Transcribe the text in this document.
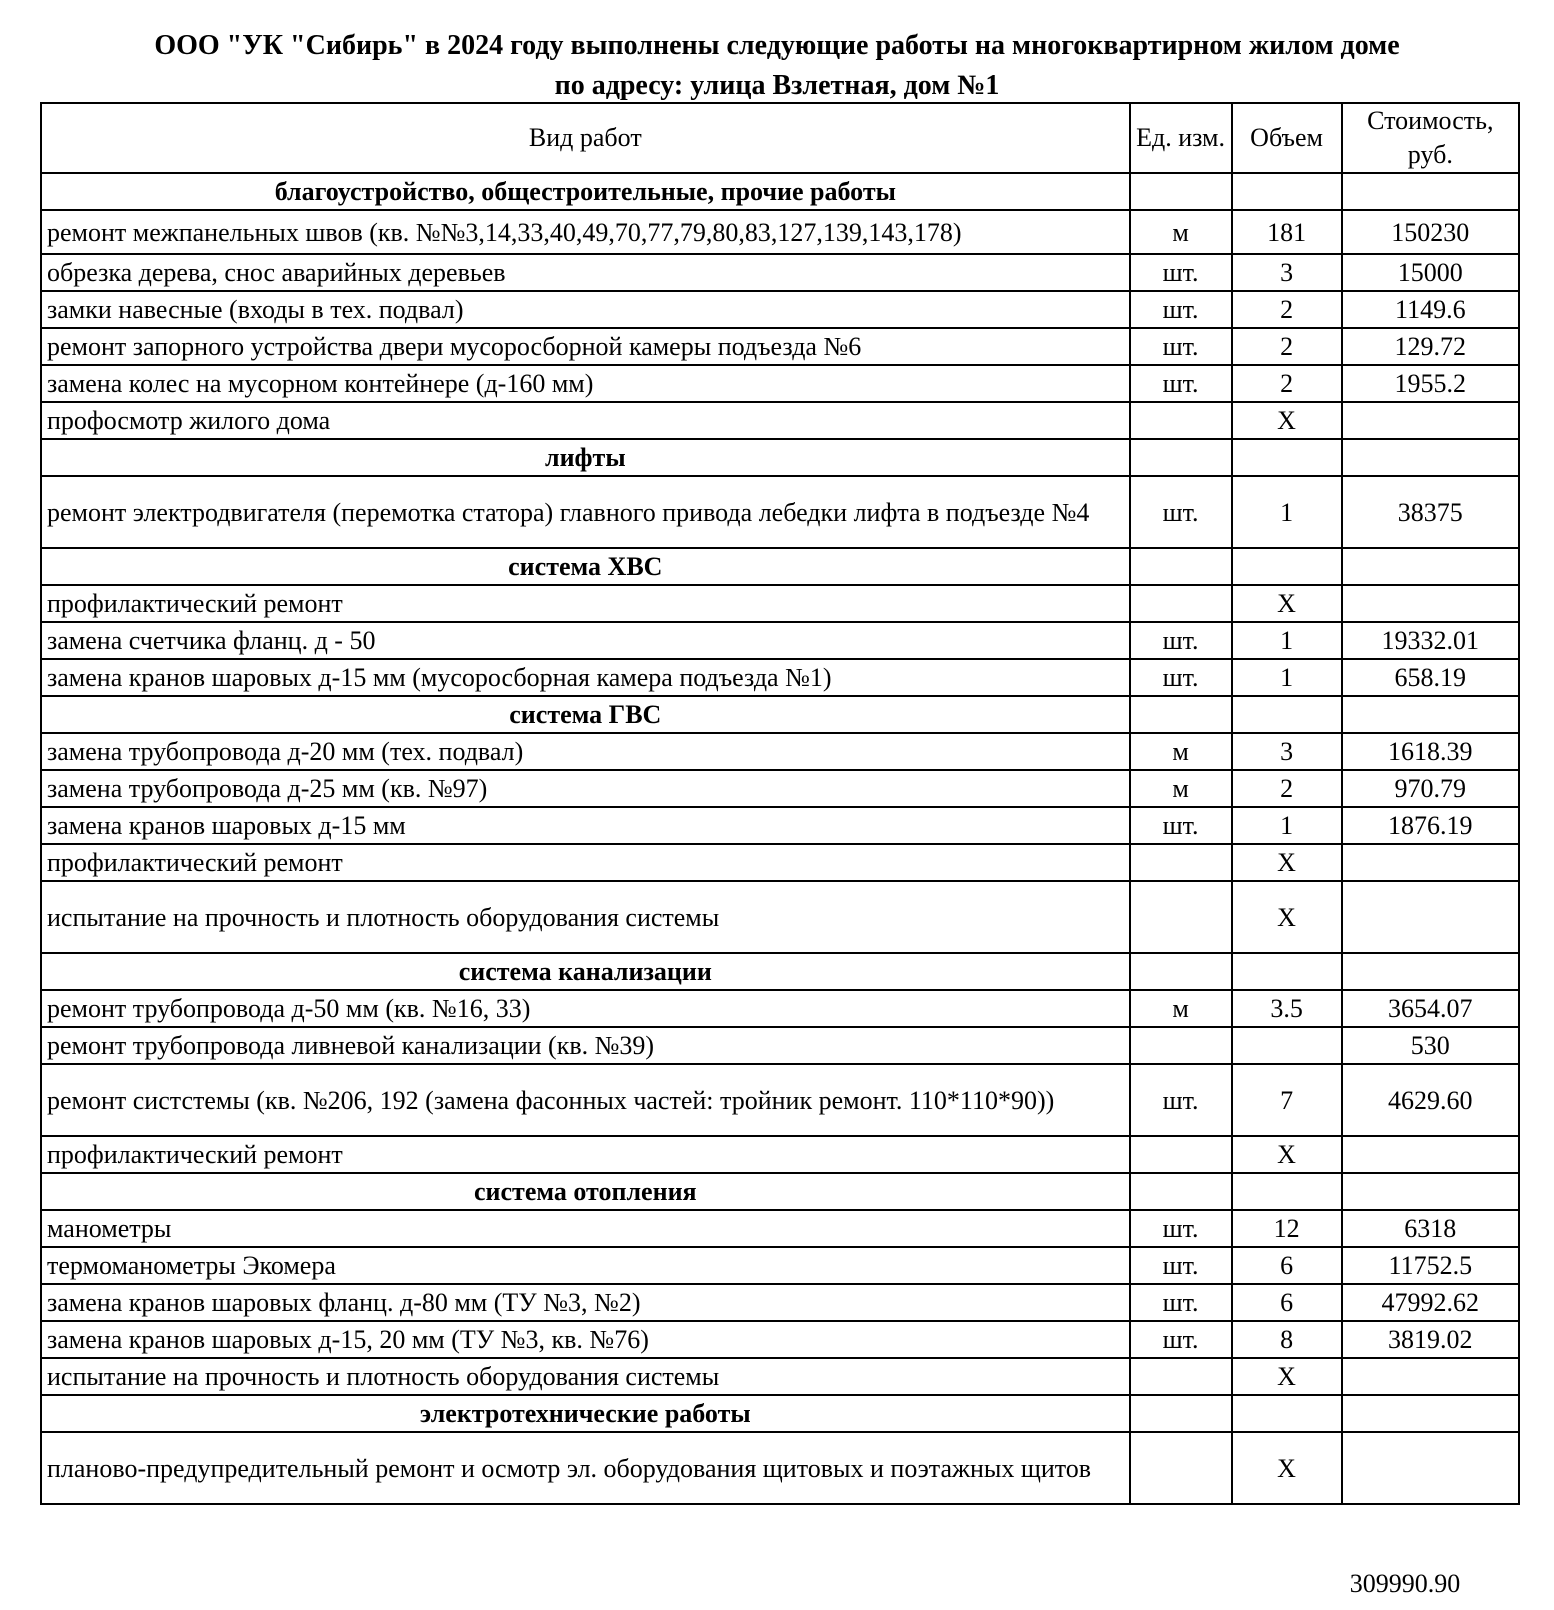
ООО "УК "Сибирь" в 2024 году выполнены следующие работы на многоквартирном жилом доме
по адресу: улица Взлетная, дом №1
Вид работ	Ед. изм.	Объем	Стоимость, руб.
благоустройство, общестроительные, прочие работы			
ремонт межпанельных швов (кв. №№3,14,33,40,49,70,77,79,80,83,127,139,143,178)	м	181	150230
обрезка дерева, снос аварийных деревьев	шт.	3	15000
замки навесные (входы в тех. подвал)	шт.	2	1149.6
ремонт запорного устройства двери мусоросборной камеры подъезда №6	шт.	2	129.72
замена колес на мусорном контейнере (д-160 мм)	шт.	2	1955.2
профосмотр жилого дома		X	
лифты			
ремонт электродвигателя (перемотка статора) главного привода лебедки лифта в подъезде №4	шт.	1	38375
система ХВС			
профилактический ремонт		X	
замена счетчика фланц. д - 50	шт.	1	19332.01
замена кранов шаровых д-15 мм (мусоросборная камера подъезда №1)	шт.	1	658.19
система ГВС			
замена трубопровода д-20 мм (тех. подвал)	м	3	1618.39
замена трубопровода д-25 мм (кв. №97)	м	2	970.79
замена кранов шаровых д-15 мм	шт.	1	1876.19
профилактический ремонт		X	
испытание на прочность и плотность оборудования системы		X	
система канализации			
ремонт трубопровода д-50 мм (кв. №16, 33)	м	3.5	3654.07
ремонт трубопровода ливневой канализации (кв. №39)			530
ремонт систстемы (кв. №206, 192 (замена фасонных частей: тройник ремонт. 110*110*90))	шт.	7	4629.60
профилактический ремонт		X	
система отопления			
манометры	шт.	12	6318
термоманометры Экомера	шт.	6	11752.5
замена кранов шаровых фланц. д-80 мм (ТУ №3, №2)	шт.	6	47992.62
замена кранов шаровых д-15, 20 мм (ТУ №3, кв. №76)	шт.	8	3819.02
испытание на прочность и плотность оборудования системы		X	
электротехнические работы			
планово-предупредительный ремонт и осмотр эл. оборудования щитовых и поэтажных щитов		X	
309990.90
